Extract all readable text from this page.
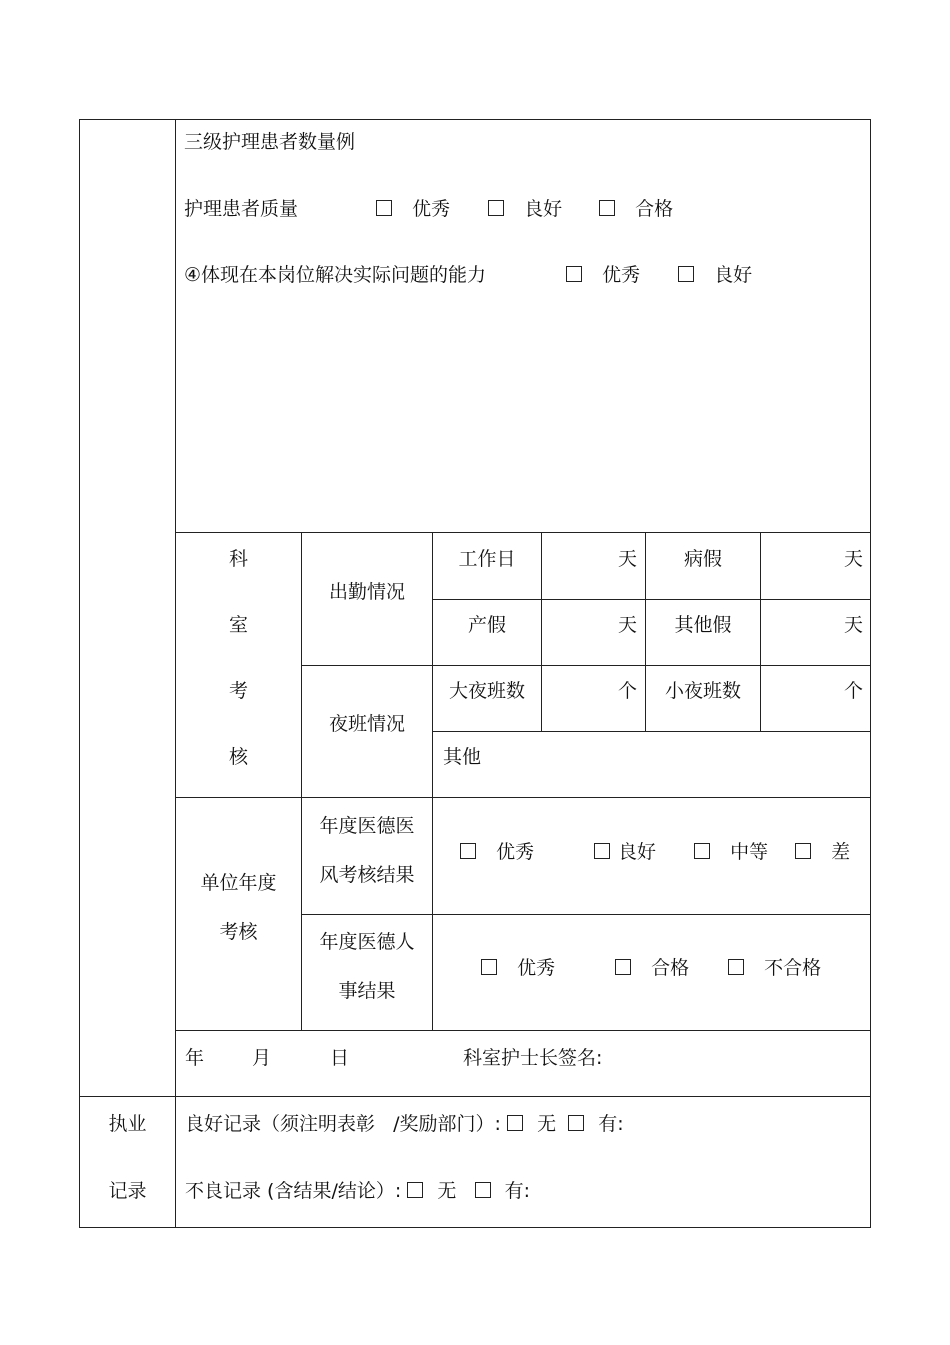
三级护理患者数量例
护理患者质量	优秀	良好	合格
④体现在本岗位解决实际问题的能力	优秀	良好
科
室
考
核
出勤情况
工作日	天	病假	天
产假	天	其他假	天
夜班情况
大夜班数	个	小夜班数	个
其他
单位年度
考核
年度医德医
风考核结果
优秀	良好	中等	差
年度医德人
事结果
优秀	合格	不合格
年	月	日	科室护士长签名:
执业
记录
良好记录（须注明表彰 /奖励部门）: 无 有:
不良记录 (含结果/结论）: 无	有:
